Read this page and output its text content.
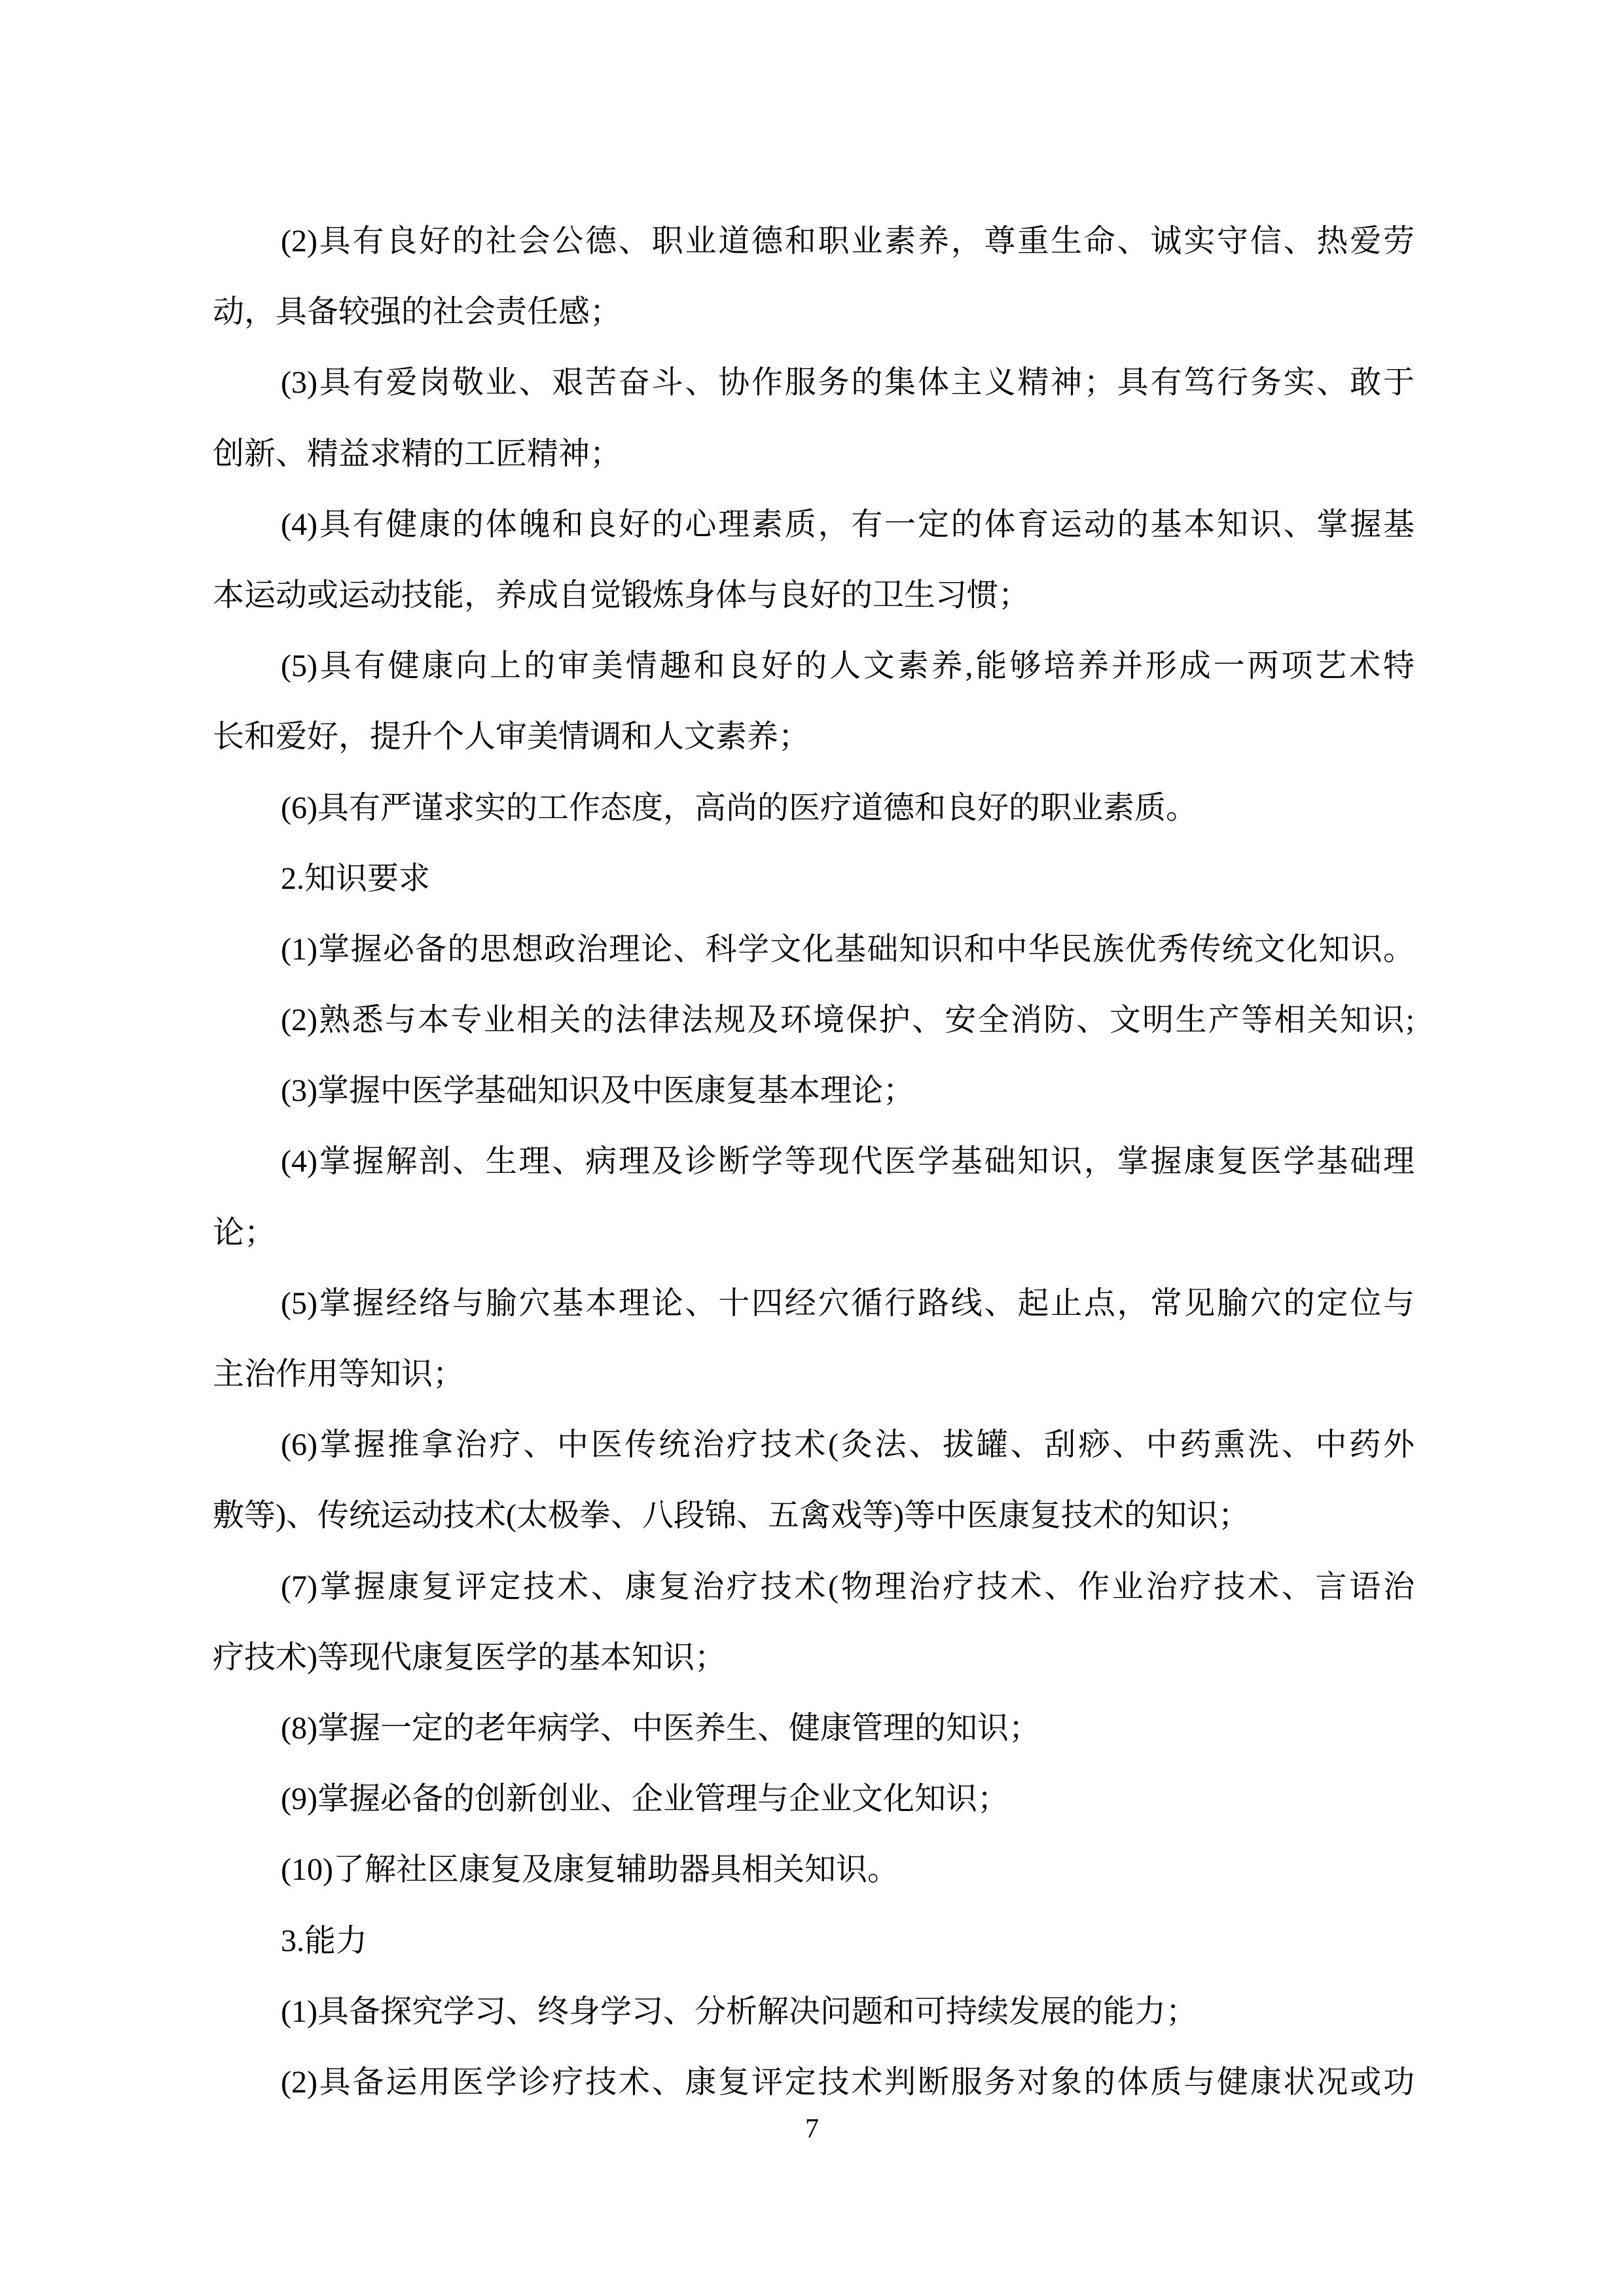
(2)具有良好的社会公德、职业道德和职业素养，尊重生命、诚实守信、热爱劳
动，具备较强的社会责任感；
(3)具有爱岗敬业、艰苦奋斗、协作服务的集体主义精神；具有笃行务实、敢于
创新、精益求精的工匠精神；
(4)具有健康的体魄和良好的心理素质，有一定的体育运动的基本知识、掌握基
本运动或运动技能，养成自觉锻炼身体与良好的卫生习惯；
(5)具有健康向上的审美情趣和良好的人文素养,能够培养并形成一两项艺术特
长和爱好，提升个人审美情调和人文素养；
(6)具有严谨求实的工作态度，高尚的医疗道德和良好的职业素质。
2.知识要求
(1)掌握必备的思想政治理论、科学文化基础知识和中华民族优秀传统文化知识。
(2)熟悉与本专业相关的法律法规及环境保护、安全消防、文明生产等相关知识;
(3)掌握中医学基础知识及中医康复基本理论；
(4)掌握解剖、生理、病理及诊断学等现代医学基础知识，掌握康复医学基础理
论；
(5)掌握经络与腧穴基本理论、十四经穴循行路线、起止点，常见腧穴的定位与
主治作用等知识；
(6)掌握推拿治疗、中医传统治疗技术(灸法、拔罐、刮痧、中药熏洗、中药外
敷等)、传统运动技术(太极拳、八段锦、五禽戏等)等中医康复技术的知识；
(7)掌握康复评定技术、康复治疗技术(物理治疗技术、作业治疗技术、言语治
疗技术)等现代康复医学的基本知识；
(8)掌握一定的老年病学、中医养生、健康管理的知识；
(9)掌握必备的创新创业、企业管理与企业文化知识；
(10)了解社区康复及康复辅助器具相关知识。
3.能力
(1)具备探究学习、终身学习、分析解决问题和可持续发展的能力；
(2)具备运用医学诊疗技术、康复评定技术判断服务对象的体质与健康状况或功
7
